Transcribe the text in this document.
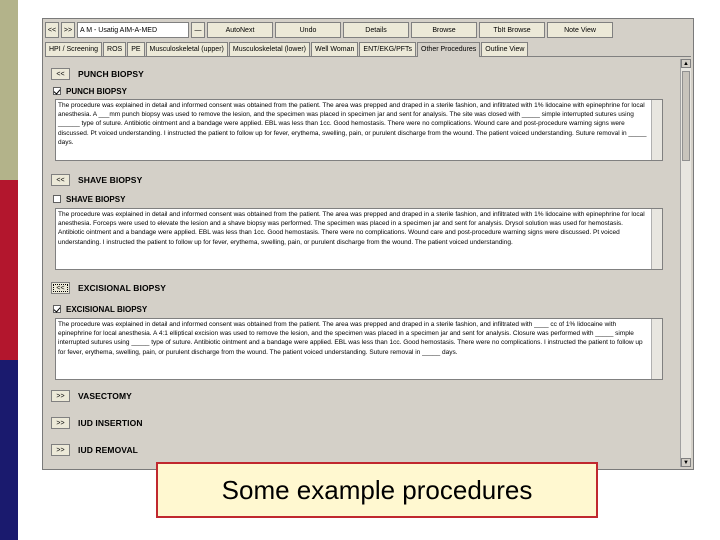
<<	>>	A M - Usatig AIM-A-MED	—	AutoNext	Undo	Details	Browse	TbIt Browse	Note View
HPI / Screening	ROS	PE	Musculoskeletal (upper)	Musculoskeletal (lower)	Well Woman	ENT/EKG/PFTs	Other Procedures	Outline View
<<	PUNCH BIOPSY
PUNCH BIOPSY
The procedure was explained in detail and informed consent was obtained from the patient. The area was prepped and draped in a sterile fashion, and infiltrated with 1% lidocaine with epinephrine for local anesthesia. A ___mm punch biopsy was used to remove the lesion, and the specimen was placed in specimen jar and sent for analysis. The site was closed with _____ simple interrupted sutures using ______ type of suture. Antibiotic ointment and a bandage were applied. EBL was less than 1cc. Good hemostasis. There were no complications. Wound care and post-procedure warning signs were discussed. Pt voiced understanding. I instructed the patient to follow up for fever, erythema, swelling, pain, or purulent discharge from the wound. The patient voiced understanding. Suture removal in _____ days.
<<	SHAVE BIOPSY
SHAVE BIOPSY
The procedure was explained in detail and informed consent was obtained from the patient. The area was prepped and draped in a sterile fashion, and infiltrated with 1% lidocaine with epinephrine for local anesthesia. Forceps were used to elevate the lesion and a shave biopsy was performed. The specimen was placed in a specimen jar and sent for analysis. Drysol solution was used for hemostasis. Antibiotic ointment and a bandage were applied. EBL was less than 1cc. Good hemostasis. There were no complications. Wound care and post-procedure warning signs were discussed. Pt voiced understanding. I instructed the patient to follow up for fever, erythema, swelling, pain, or purulent discharge from the wound. The patient voiced understanding.
<<	EXCISIONAL BIOPSY
EXCISIONAL BIOPSY
The procedure was explained in detail and informed consent was obtained from the patient. The area was prepped and draped in a sterile fashion, and infiltrated with ____ cc of 1% lidocaine with epinephrine for local anesthesia. A 4:1 elliptical excision was used to remove the lesion, and the specimen was placed in a specimen jar and sent for analysis. Closure was performed with _____ simple interrupted sutures using _____ type of suture. Antibiotic ointment and a bandage were applied. EBL was less than 1cc. Good hemostasis. There were no complications. I instructed the patient to follow up for fever, erythema, swelling, pain, or purulent discharge from the wound. The patient voiced understanding. Suture removal in _____ days.
>>	VASECTOMY
>>	IUD INSERTION
>>	IUD REMOVAL
▲
▼
Some example procedures
